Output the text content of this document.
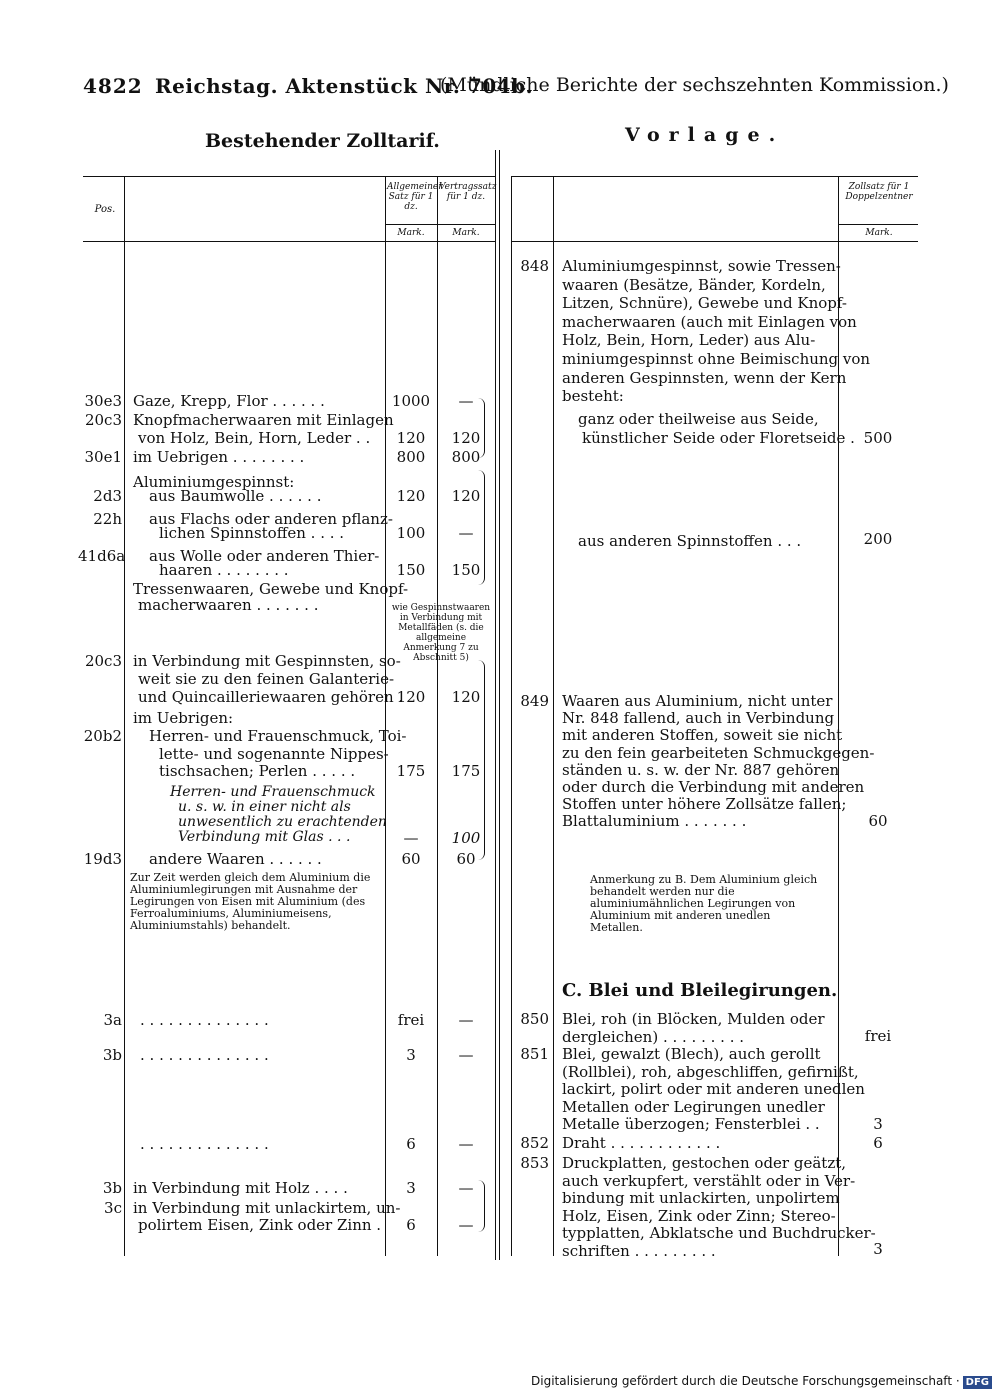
4822 Reichstag. Aktenstück Nr. 704b.
(Mündliche Berichte der sechszehnten Kommission.)
Bestehender Zolltarif.	Vorlage.
Pos.
Allgemeiner Satz für 1 dz.
Vertragssatz für 1 dz.
Mark.	Mark.
Zollsatz für 1 Doppelzentner
Mark.
30e3 Gaze, Krepp, Flor . . . . . .	1000	—
20c3 Knopfmacherwaaren mit Einlagen
von Holz, Bein, Horn, Leder . .	120	120
30e1 im Uebrigen . . . . . . . .	800	800
Aluminiumgespinnst:
2d3 aus Baumwolle . . . . . .	120	120
22h aus Flachs oder anderen pflanz-
lichen Spinnstoffen . . . .	100	—
41d6a aus Wolle oder anderen Thier-
haaren . . . . . . . .	150	150
Tressenwaaren, Gewebe und Knopf-
macherwaaren . . . . . . .	wie Gespinnstwaaren in Verbindung mit Metallfäden (s. die allgemeine Anmerkung 7 zu Abschnitt 5)
20c3 in Verbindung mit Gespinnsten, so-
weit sie zu den feinen Galanterie-
und Quincailleriewaaren gehören .
120	120
im Uebrigen:
20b2 Herren- und Frauenschmuck, Toi-
lette- und sogenannte Nippes-
tischsachen; Perlen . . . . .	175	175
Herren- und Frauenschmuck
u. s. w. in einer nicht als
unwesentlich zu erachtenden
Verbindung mit Glas . . .	—	100
19d3 andere Waaren . . . . . .	60	60
Zur Zeit werden gleich dem Aluminium die Aluminiumlegirungen mit Ausnahme der Legirungen von Eisen mit Aluminium (des Ferroaluminiums, Aluminiumeisens, Aluminiumstahls) behandelt.
3a . . . . . . . . . . . . . .	frei	—
3b . . . . . . . . . . . . . .	3	—
. . . . . . . . . . . . . .	6	—
3b in Verbindung mit Holz . . . .	3	—
3c in Verbindung mit unlackirtem, un-
polirtem Eisen, Zink oder Zinn .	6	—
848 Aluminiumgespinnst, sowie Tressen-
waaren (Besätze, Bänder, Kordeln,
Litzen, Schnüre), Gewebe und Knopf-
macherwaaren (auch mit Einlagen von
Holz, Bein, Horn, Leder) aus Alu-
miniumgespinnst ohne Beimischung von
anderen Gespinnsten, wenn der Kern
besteht:
ganz oder theilweise aus Seide,
künstlicher Seide oder Floretseide . 500
aus anderen Spinnstoffen . . .	200
849 Waaren aus Aluminium, nicht unter
Nr. 848 fallend, auch in Verbindung
mit anderen Stoffen, soweit sie nicht
zu den fein gearbeiteten Schmuckgegen-
ständen u. s. w. der Nr. 887 gehören
oder durch die Verbindung mit anderen
Stoffen unter höhere Zollsätze fallen;
Blattaluminium . . . . . . .	60
850 Blei, roh (in Blöcken, Mulden oder
dergleichen) . . . . . . . . .	frei
851 Blei, gewalzt (Blech), auch gerollt
(Rollblei), roh, abgeschliffen, gefirnißt,
lackirt, polirt oder mit anderen unedlen
Metallen oder Legirungen unedler
Metalle überzogen; Fensterblei . .	3
852 Draht . . . . . . . . . . . .	6
853 Druckplatten, gestochen oder geätzt,
auch verkupfert, verstählt oder in Ver-
bindung mit unlackirten, unpolirtem
Holz, Eisen, Zink oder Zinn; Stereo-
typplatten, Abklatsche und Buchdrucker-
schriften . . . . . . . . .	3
Anmerkung zu B. Dem Aluminium gleich behandelt werden nur die aluminiumähnlichen Legirungen von Aluminium mit anderen unedlen Metallen.
C. Blei und Bleilegirungen.
Digitalisierung gefördert durch die Deutsche Forschungsgemeinschaft · DFG
